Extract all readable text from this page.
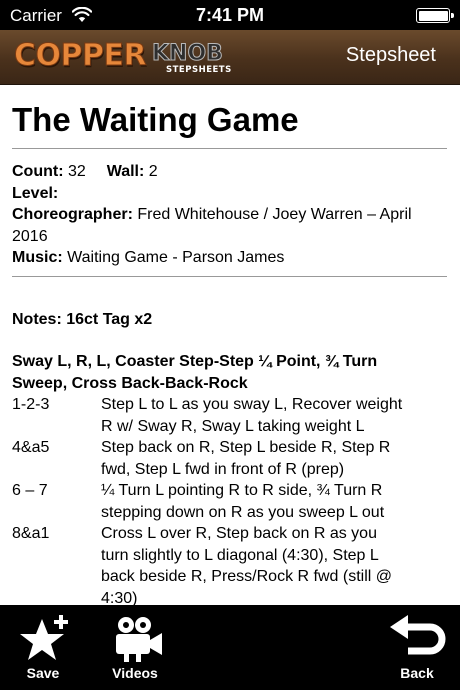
Carrier	7:41 PM
COPPER KNOB
STEPSHEETS
Stepsheet
The Waiting Game
Count: 32 Wall: 2
Level:
Choreographer: Fred Whitehouse / Joey Warren – April
2016
Music: Waiting Game - Parson James
Notes: 16ct Tag x2
Sway L, R, L, Coaster Step-Step ¼ Point, ¾ Turn
Sweep, Cross Back-Back-Rock
1-2-3	Step L to L as you sway L, Recover weight
R w/ Sway R, Sway L taking weight L
4&a5	Step back on R, Step L beside R, Step R
fwd, Step L fwd in front of R (prep)
6 – 7	¼ Turn L pointing R to R side, ¾ Turn R
stepping down on R as you sweep L out
8&a1	Cross L over R, Step back on R as you
turn slightly to L diagonal (4:30), Step L
back beside R, Press/Rock R fwd (still @
4:30)
Save	Videos	Back
